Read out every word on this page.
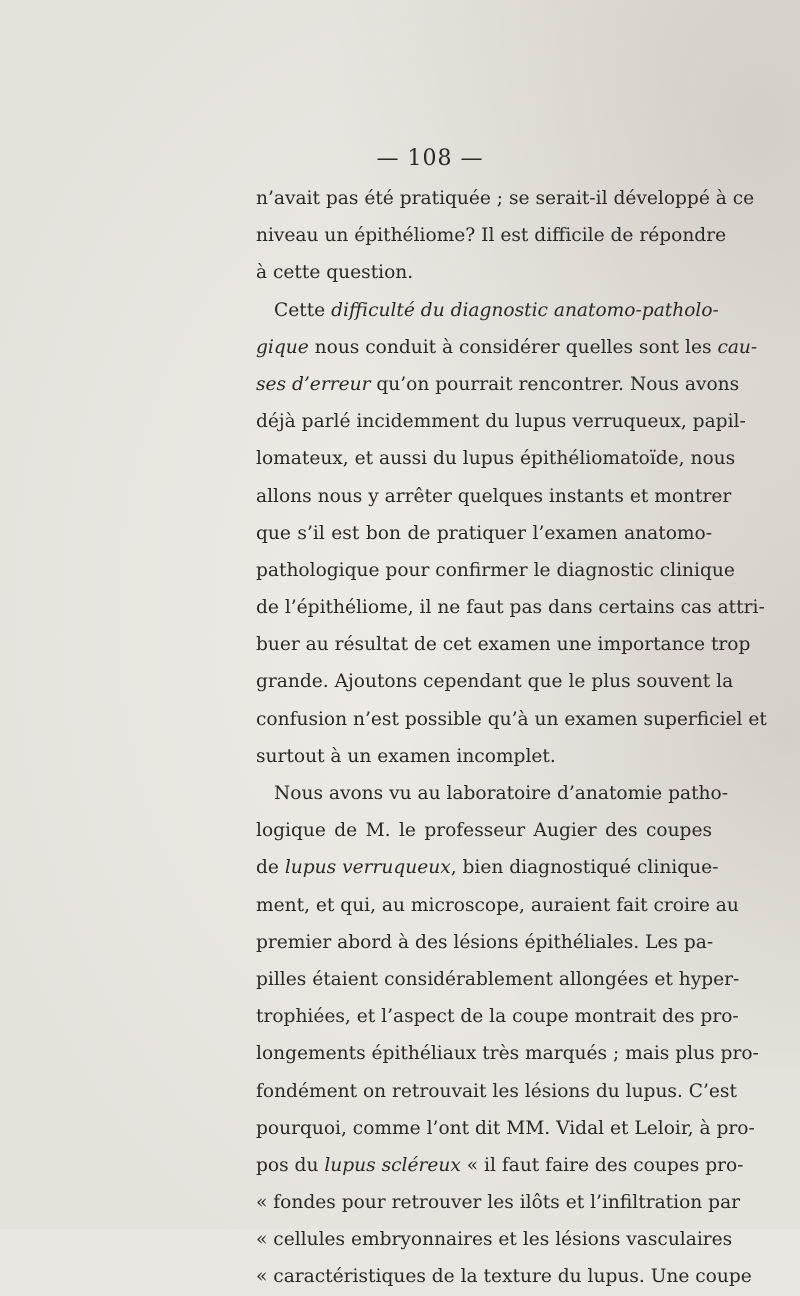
— 108 —
n’avait pas été pratiquée ; se serait-il développé à ce
niveau un épithéliome? Il est difficile de répondre
à cette question.
Cette difficulté du diagnostic anatomo-patholo-
gique nous conduit à considérer quelles sont les cau-
ses d’erreur qu’on pourrait rencontrer. Nous avons
déjà parlé incidemment du lupus verruqueux, papil-
lomateux, et aussi du lupus épithéliomatoïde, nous
allons nous y arrêter quelques instants et montrer
que s’il est bon de pratiquer l’examen anatomo-
pathologique pour confirmer le diagnostic clinique
de l’épithéliome, il ne faut pas dans certains cas attri-
buer au résultat de cet examen une importance trop
grande. Ajoutons cependant que le plus souvent la
confusion n’est possible qu’à un examen superficiel et
surtout à un examen incomplet.
Nous avons vu au laboratoire d’anatomie patho-
logique de M. le professeur Augier des coupes
de lupus verruqueux, bien diagnostiqué clinique-
ment, et qui, au microscope, auraient fait croire au
premier abord à des lésions épithéliales. Les pa-
pilles étaient considérablement allongées et hyper-
trophiées, et l’aspect de la coupe montrait des pro-
longements épithéliaux très marqués ; mais plus pro-
fondément on retrouvait les lésions du lupus. C’est
pourquoi, comme l’ont dit MM. Vidal et Leloir, à pro-
pos du lupus scléreux « il faut faire des coupes pro-
« fondes pour retrouver les ilôts et l’infiltration par
« cellules embryonnaires et les lésions vasculaires
« caractéristiques de la texture du lupus. Une coupe
